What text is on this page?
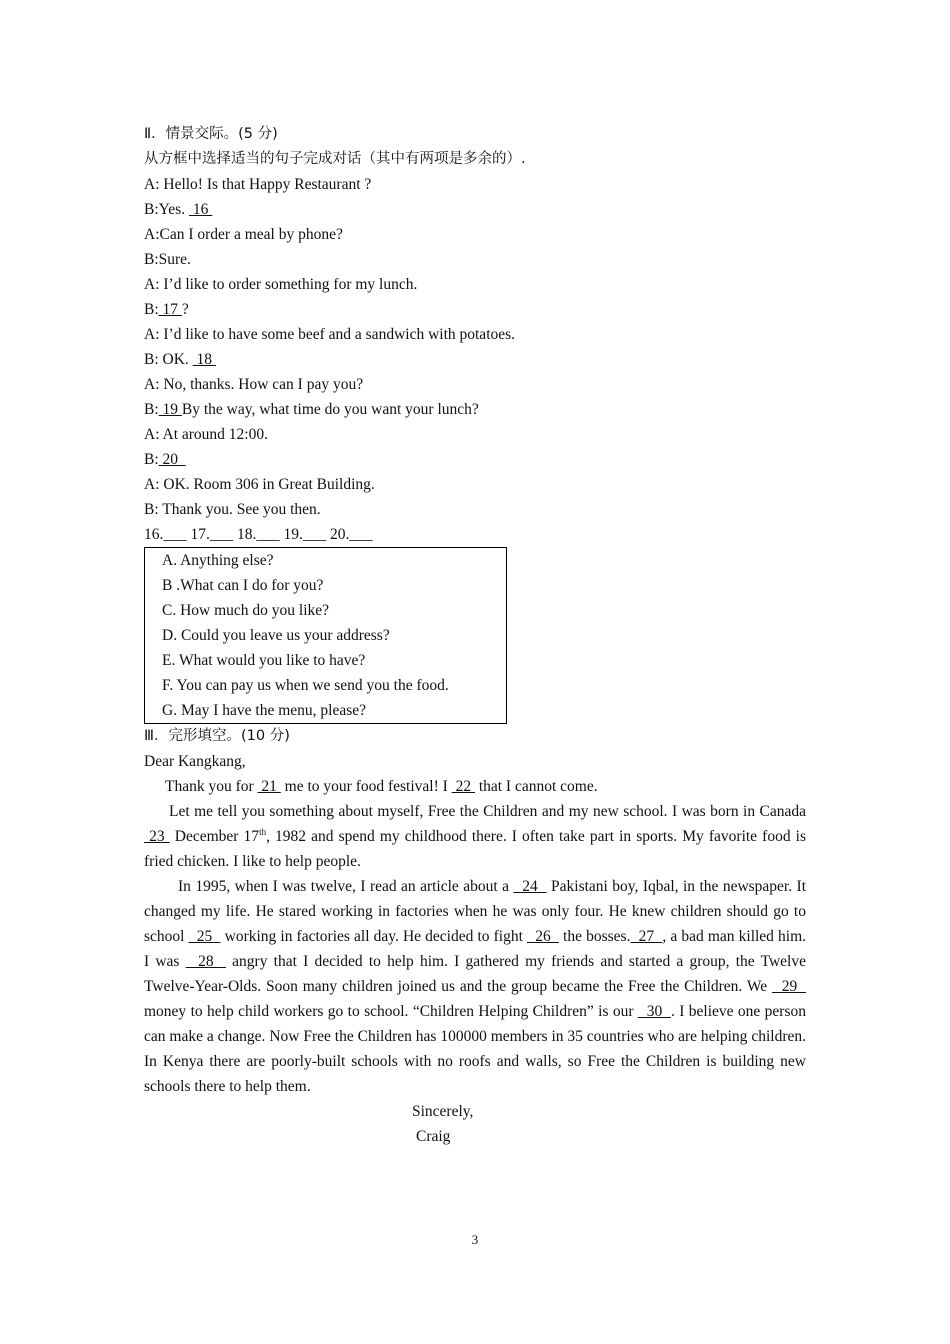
Ⅱ．情景交际。(5 分)
从方框中选择适当的句子完成对话（其中有两项是多余的）.
A: Hello! Is that Happy Restaurant ?
B:Yes.  16
A:Can I order a meal by phone?
B:Sure.
A: I’d like to order something for my lunch.
B: 17 ?
A: I’d like to have some beef and a sandwich with potatoes.
B: OK.  18
A: No, thanks. How can I pay you?
B: 19 By the way, what time do you want your lunch?
A: At around 12:00.
B: 20
A: OK. Room 306 in Great Building.
B: Thank you. See you then.
16.___ 17.___ 18.___ 19.___ 20.___
A. Anything else?
B .What can I do for you?
C. How much do you like?
D. Could you leave us your address?
E. What would you like to have?
F. You can pay us when we send you the food.
G. May I have the menu, please?
Ⅲ．完形填空。(10 分)
Dear Kangkang,
Thank you for  21  me to your food festival! I  22  that I cannot come.
Let me tell you something about myself, Free the Children and my new school. I was born in Canada  23  December 17th, 1982 and spend my childhood there. I often take part in sports. My favorite food is fried chicken. I like to help people.
In 1995, when I was twelve, I read an article about a   24   Pakistani boy, Iqbal, in the newspaper. It changed my life. He stared working in factories when he was only four. He knew children should go to school   25   working in factories all day. He decided to fight   26   the bosses.  27  , a bad man killed him. I was   28   angry that I decided to help him. I gathered my friends and started a group, the Twelve Twelve-Year-Olds. Soon many children joined us and the group became the Free the Children. We   29   money to help child workers go to school. “Children Helping Children” is our   30  . I believe one person can make a change. Now Free the Children has 100000 members in 35 countries who are helping children. In Kenya there are poorly-built schools with no roofs and walls, so Free the Children is building new schools there to help them.
Sincerely,
Craig
3
